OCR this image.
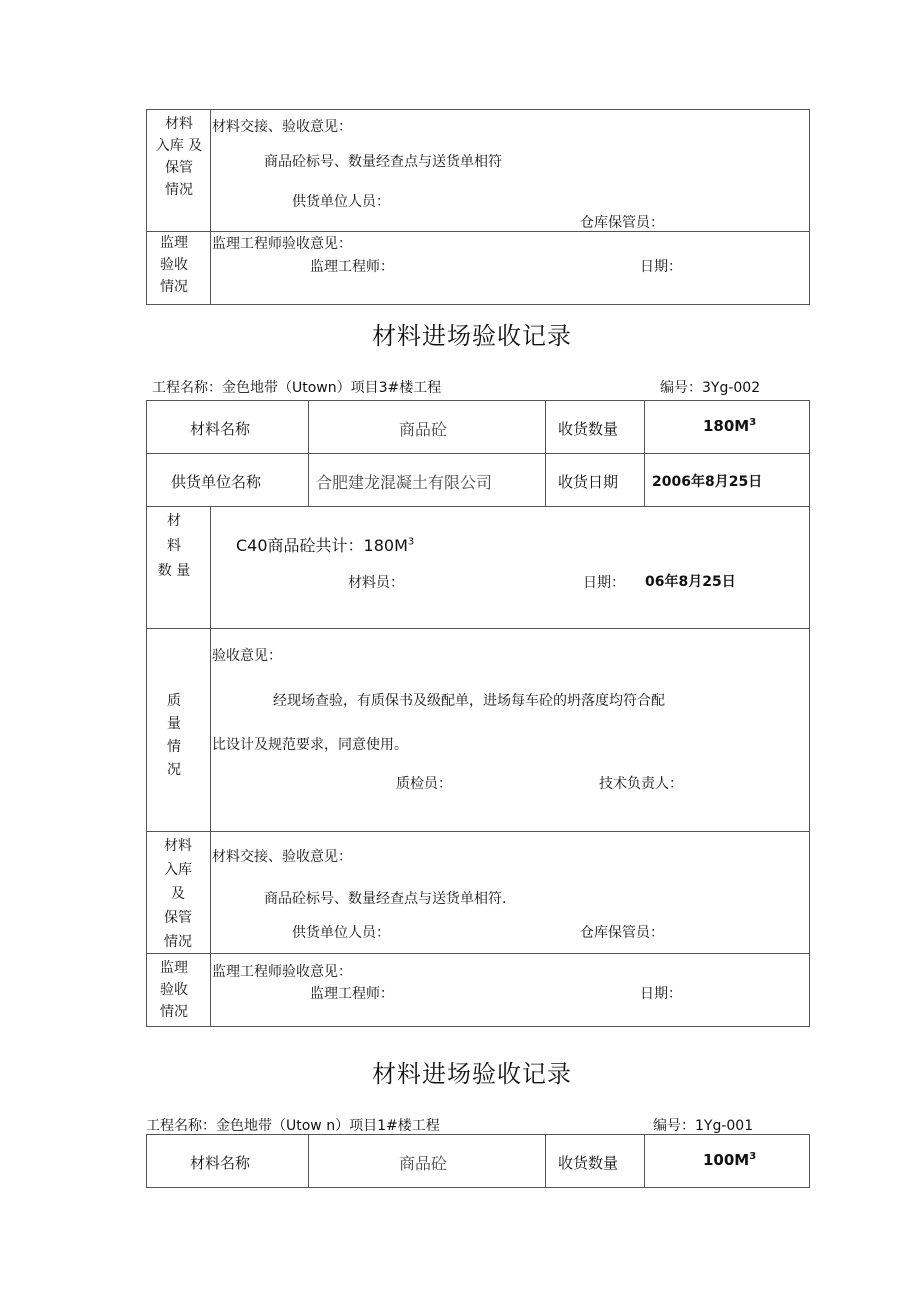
材料
入库 及
保管
情况
材料交接、验收意见：
商品砼标号、数量经查点与送货单相符
供货单位人员：
仓库保管员：
监理
验收
情况
监理工程师验收意见：
监理工程师：	日期：
材料进场验收记录
工程名称：金色地带（Utown）项目3#楼工程	编号：3Yg-002
材料名称	商品砼	收货数量	$180M^3$
供货单位名称	合肥建龙混凝土有限公司	收货日期 2006年8月25日
材
料
数 量
C40商品砼共计：$180M^3$
材料员：	日期： 06年8月25日
质
量
情
况
验收意见：
经现场查验，有质保书及级配单，进场每车砼的坍落度均符合配
比设计及规范要求，同意使用。
质检员：	技术负责人：
材料
入库
及
保管
情况
材料交接、验收意见：
商品砼标号、数量经查点与送货单相符.
供货单位人员：	仓库保管员：
监理
验收
情况
监理工程师验收意见：
监理工程师：	日期：
材料进场验收记录
工程名称：金色地带（Utow n）项目1#楼工程	编号：1Yg-001
材料名称	商品砼	收货数量	$100M^3$
